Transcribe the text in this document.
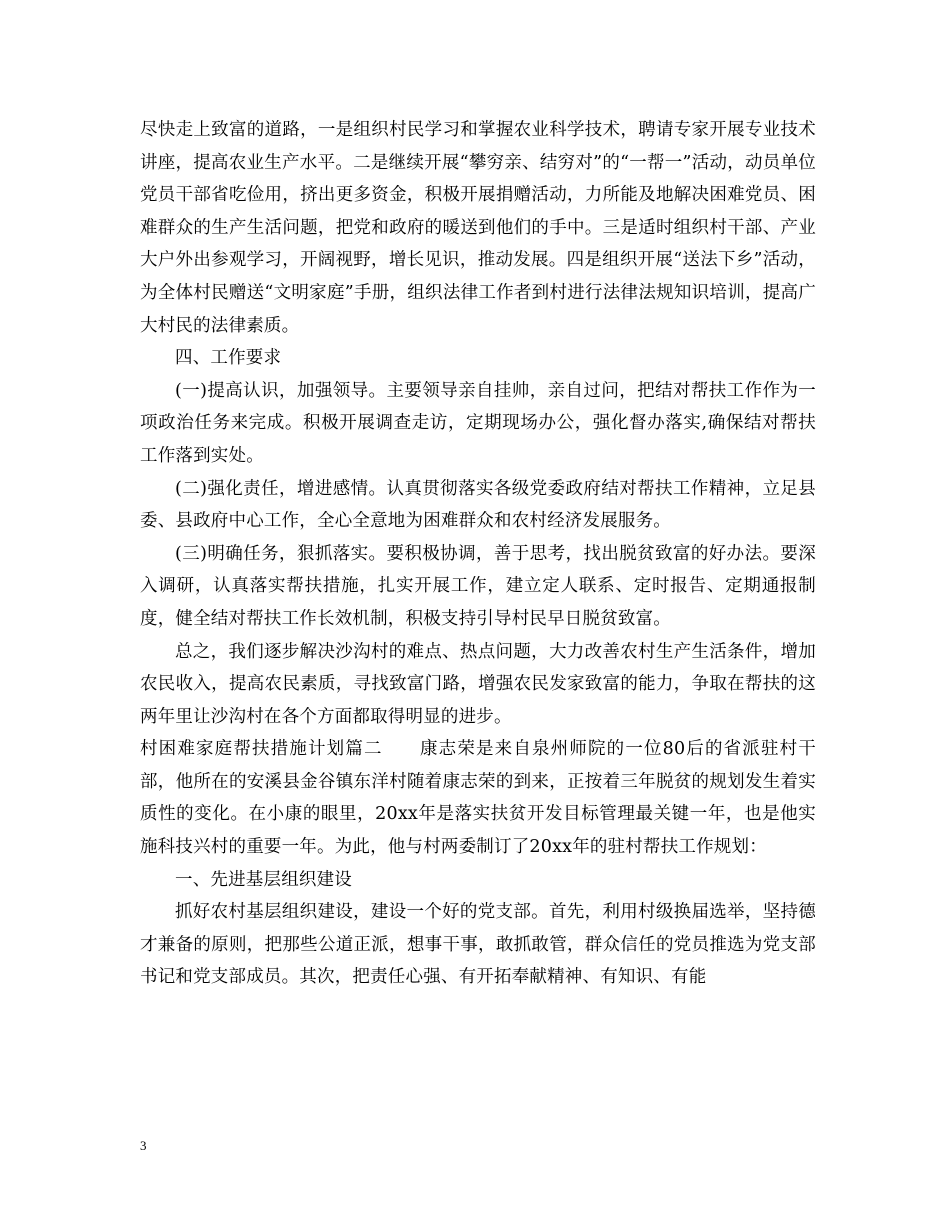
尽快走上致富的道路，一是组织村民学习和掌握农业科学技术，聘请专家开展专业技术讲座，提高农业生产水平。二是继续开展“攀穷亲、结穷对”的“一帮一”活动，动员单位党员干部省吃俭用，挤出更多资金，积极开展捐赠活动，力所能及地解决困难党员、困难群众的生产生活问题，把党和政府的暖送到他们的手中。三是适时组织村干部、产业大户外出参观学习，开阔视野，增长见识，推动发展。四是组织开展“送法下乡”活动，为全体村民赠送“文明家庭”手册，组织法律工作者到村进行法律法规知识培训，提高广大村民的法律素质。

四、工作要求

(一)提高认识，加强领导。主要领导亲自挂帅，亲自过问，把结对帮扶工作作为一项政治任务来完成。积极开展调查走访，定期现场办公，强化督办落实,确保结对帮扶工作落到实处。

(二)强化责任，增进感情。认真贯彻落实各级党委政府结对帮扶工作精神，立足县委、县政府中心工作，全心全意地为困难群众和农村经济发展服务。

(三)明确任务，狠抓落实。要积极协调，善于思考，找出脱贫致富的好办法。要深入调研，认真落实帮扶措施，扎实开展工作，建立定人联系、定时报告、定期通报制度，健全结对帮扶工作长效机制，积极支持引导村民早日脱贫致富。

总之，我们逐步解决沙沟村的难点、热点问题，大力改善农村生产生活条件，增加农民收入，提高农民素质，寻找致富门路，增强农民发家致富的能力，争取在帮扶的这两年里让沙沟村在各个方面都取得明显的进步。

村困难家庭帮扶措施计划篇二　　康志荣是来自泉州师院的一位80后的省派驻村干部，他所在的安溪县金谷镇东洋村随着康志荣的到来，正按着三年脱贫的规划发生着实质性的变化。在小康的眼里，20xx年是落实扶贫开发目标管理最关键一年，也是他实施科技兴村的重要一年。为此，他与村两委制订了20xx年的驻村帮扶工作规划：

一、先进基层组织建设

抓好农村基层组织建设，建设一个好的党支部。首先，利用村级换届选举，坚持德才兼备的原则，把那些公道正派，想事干事，敢抓敢管，群众信任的党员推选为党支部书记和党支部成员。其次，把责任心强、有开拓奉献精神、有知识、有能

3
